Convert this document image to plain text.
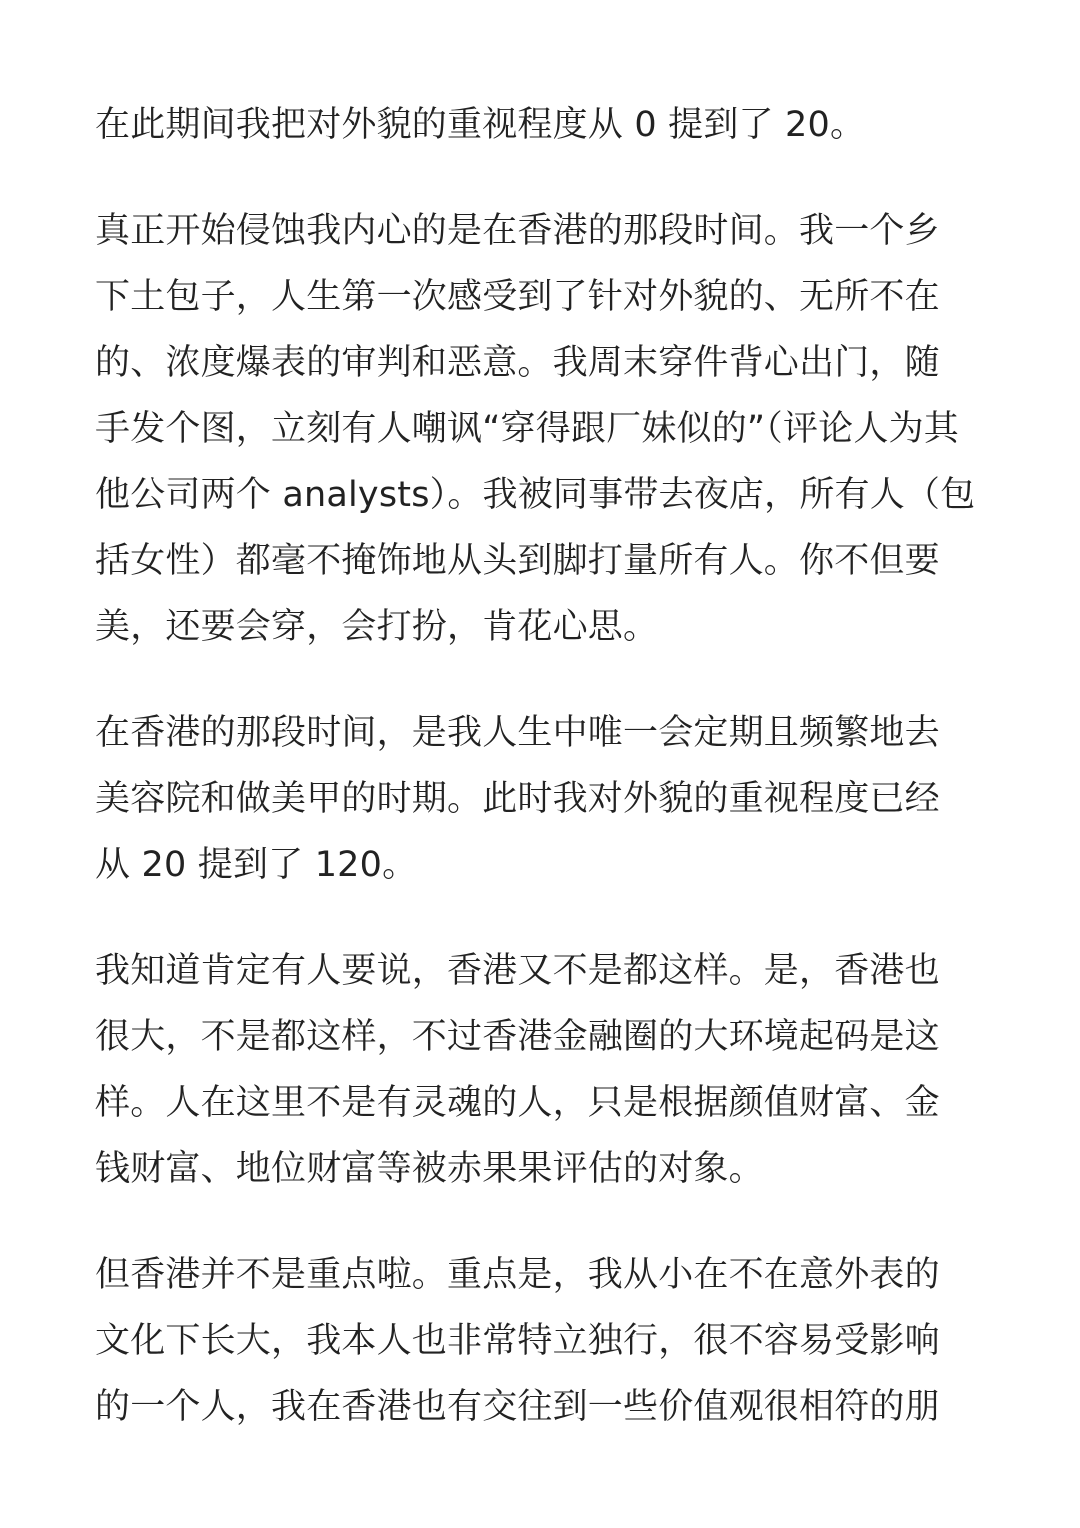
在此期间我把对外貌的重视程度从 0 提到了 20。
真正开始侵蚀我内心的是在香港的那段时间。我一个乡
下土包子，人生第一次感受到了针对外貌的、无所不在
的、浓度爆表的审判和恶意。我周末穿件背心出门，随
手发个图，立刻有人嘲讽“穿得跟厂妹似的”（评论人为其
他公司两个 analysts）。我被同事带去夜店，所有人（包
括女性）都毫不掩饰地从头到脚打量所有人。你不但要
美，还要会穿，会打扮，肯花心思。
在香港的那段时间，是我人生中唯一会定期且频繁地去
美容院和做美甲的时期。此时我对外貌的重视程度已经
从 20 提到了 120。
我知道肯定有人要说，香港又不是都这样。是，香港也
很大，不是都这样，不过香港金融圈的大环境起码是这
样。人在这里不是有灵魂的人，只是根据颜值财富、金
钱财富、地位财富等被赤果果评估的对象。
但香港并不是重点啦。重点是，我从小在不在意外表的
文化下长大，我本人也非常特立独行，很不容易受影响
的一个人，我在香港也有交往到一些价值观很相符的朋
